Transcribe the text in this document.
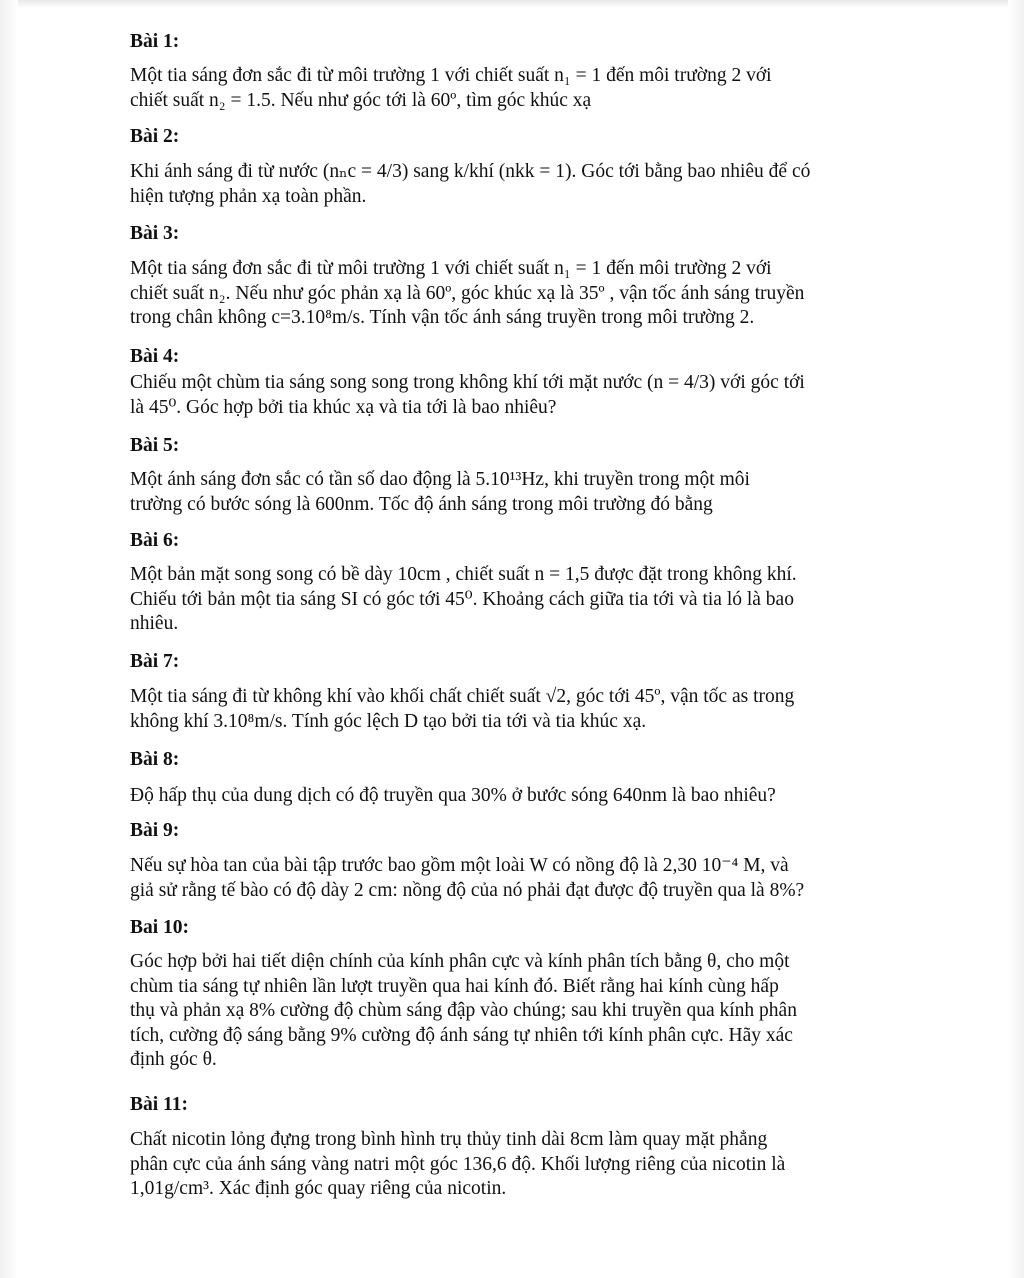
Bài 1:

Một tia sáng đơn sắc đi từ môi trường 1 với chiết suất n₁ = 1 đến môi trường 2 với
chiết suất n₂ = 1.5. Nếu như góc tới là 60º, tìm góc khúc xạ

Bài 2:

Khi ánh sáng đi từ nước (nₙc = 4/3) sang k/khí (nkk = 1). Góc tới bằng bao nhiêu để có
hiện tượng phản xạ toàn phần.

Bài 3:

Một tia sáng đơn sắc đi từ môi trường 1 với chiết suất n₁ = 1 đến môi trường 2 với
chiết suất n₂. Nếu như góc phản xạ là 60º, góc khúc xạ là 35º , vận tốc ánh sáng truyền
trong chân không c=3.10⁸m/s. Tính vận tốc ánh sáng truyền trong môi trường 2.

Bài 4:

Chiếu một chùm tia sáng song song trong không khí tới mặt nước (n = 4/3) với góc tới
là 45⁰. Góc hợp bởi tia khúc xạ và tia tới là bao nhiêu?

Bài 5:

Một ánh sáng đơn sắc có tần số dao động là 5.10¹³Hz, khi truyền trong một môi
trường có bước sóng là 600nm. Tốc độ ánh sáng trong môi trường đó bằng

Bài 6:

Một bản mặt song song có bề dày 10cm , chiết suất n = 1,5 được đặt trong không khí.
Chiếu tới bản một tia sáng SI có góc tới 45⁰. Khoảng cách giữa tia tới và tia ló là bao
nhiêu.

Bài 7:

Một tia sáng đi từ không khí vào khối chất chiết suất √2, góc tới 45º, vận tốc as trong
không khí 3.10⁸m/s. Tính góc lệch D tạo bởi tia tới và tia khúc xạ.

Bài 8:

Độ hấp thụ của dung dịch có độ truyền qua 30% ở bước sóng 640nm là bao nhiêu?

Bài 9:

Nếu sự hòa tan của bài tập trước bao gồm một loài W có nồng độ là 2,30 10⁻⁴ M, và
giả sử rằng tế bào có độ dày 2 cm: nồng độ của nó phải đạt được độ truyền qua là 8%?

Bai 10:

Góc hợp bởi hai tiết diện chính của kính phân cực và kính phân tích bằng θ, cho một
chùm tia sáng tự nhiên lần lượt truyền qua hai kính đó. Biết rằng hai kính cùng hấp
thụ và phản xạ 8% cường độ chùm sáng đập vào chúng; sau khi truyền qua kính phân
tích, cường độ sáng bằng 9% cường độ ánh sáng tự nhiên tới kính phân cực. Hãy xác
định góc θ.

Bài 11:

Chất nicotin lỏng đựng trong bình hình trụ thủy tinh dài 8cm làm quay mặt phẳng
phân cực của ánh sáng vàng natri một góc 136,6 độ. Khối lượng riêng của nicotin là
1,01g/cm³. Xác định góc quay riêng của nicotin.
